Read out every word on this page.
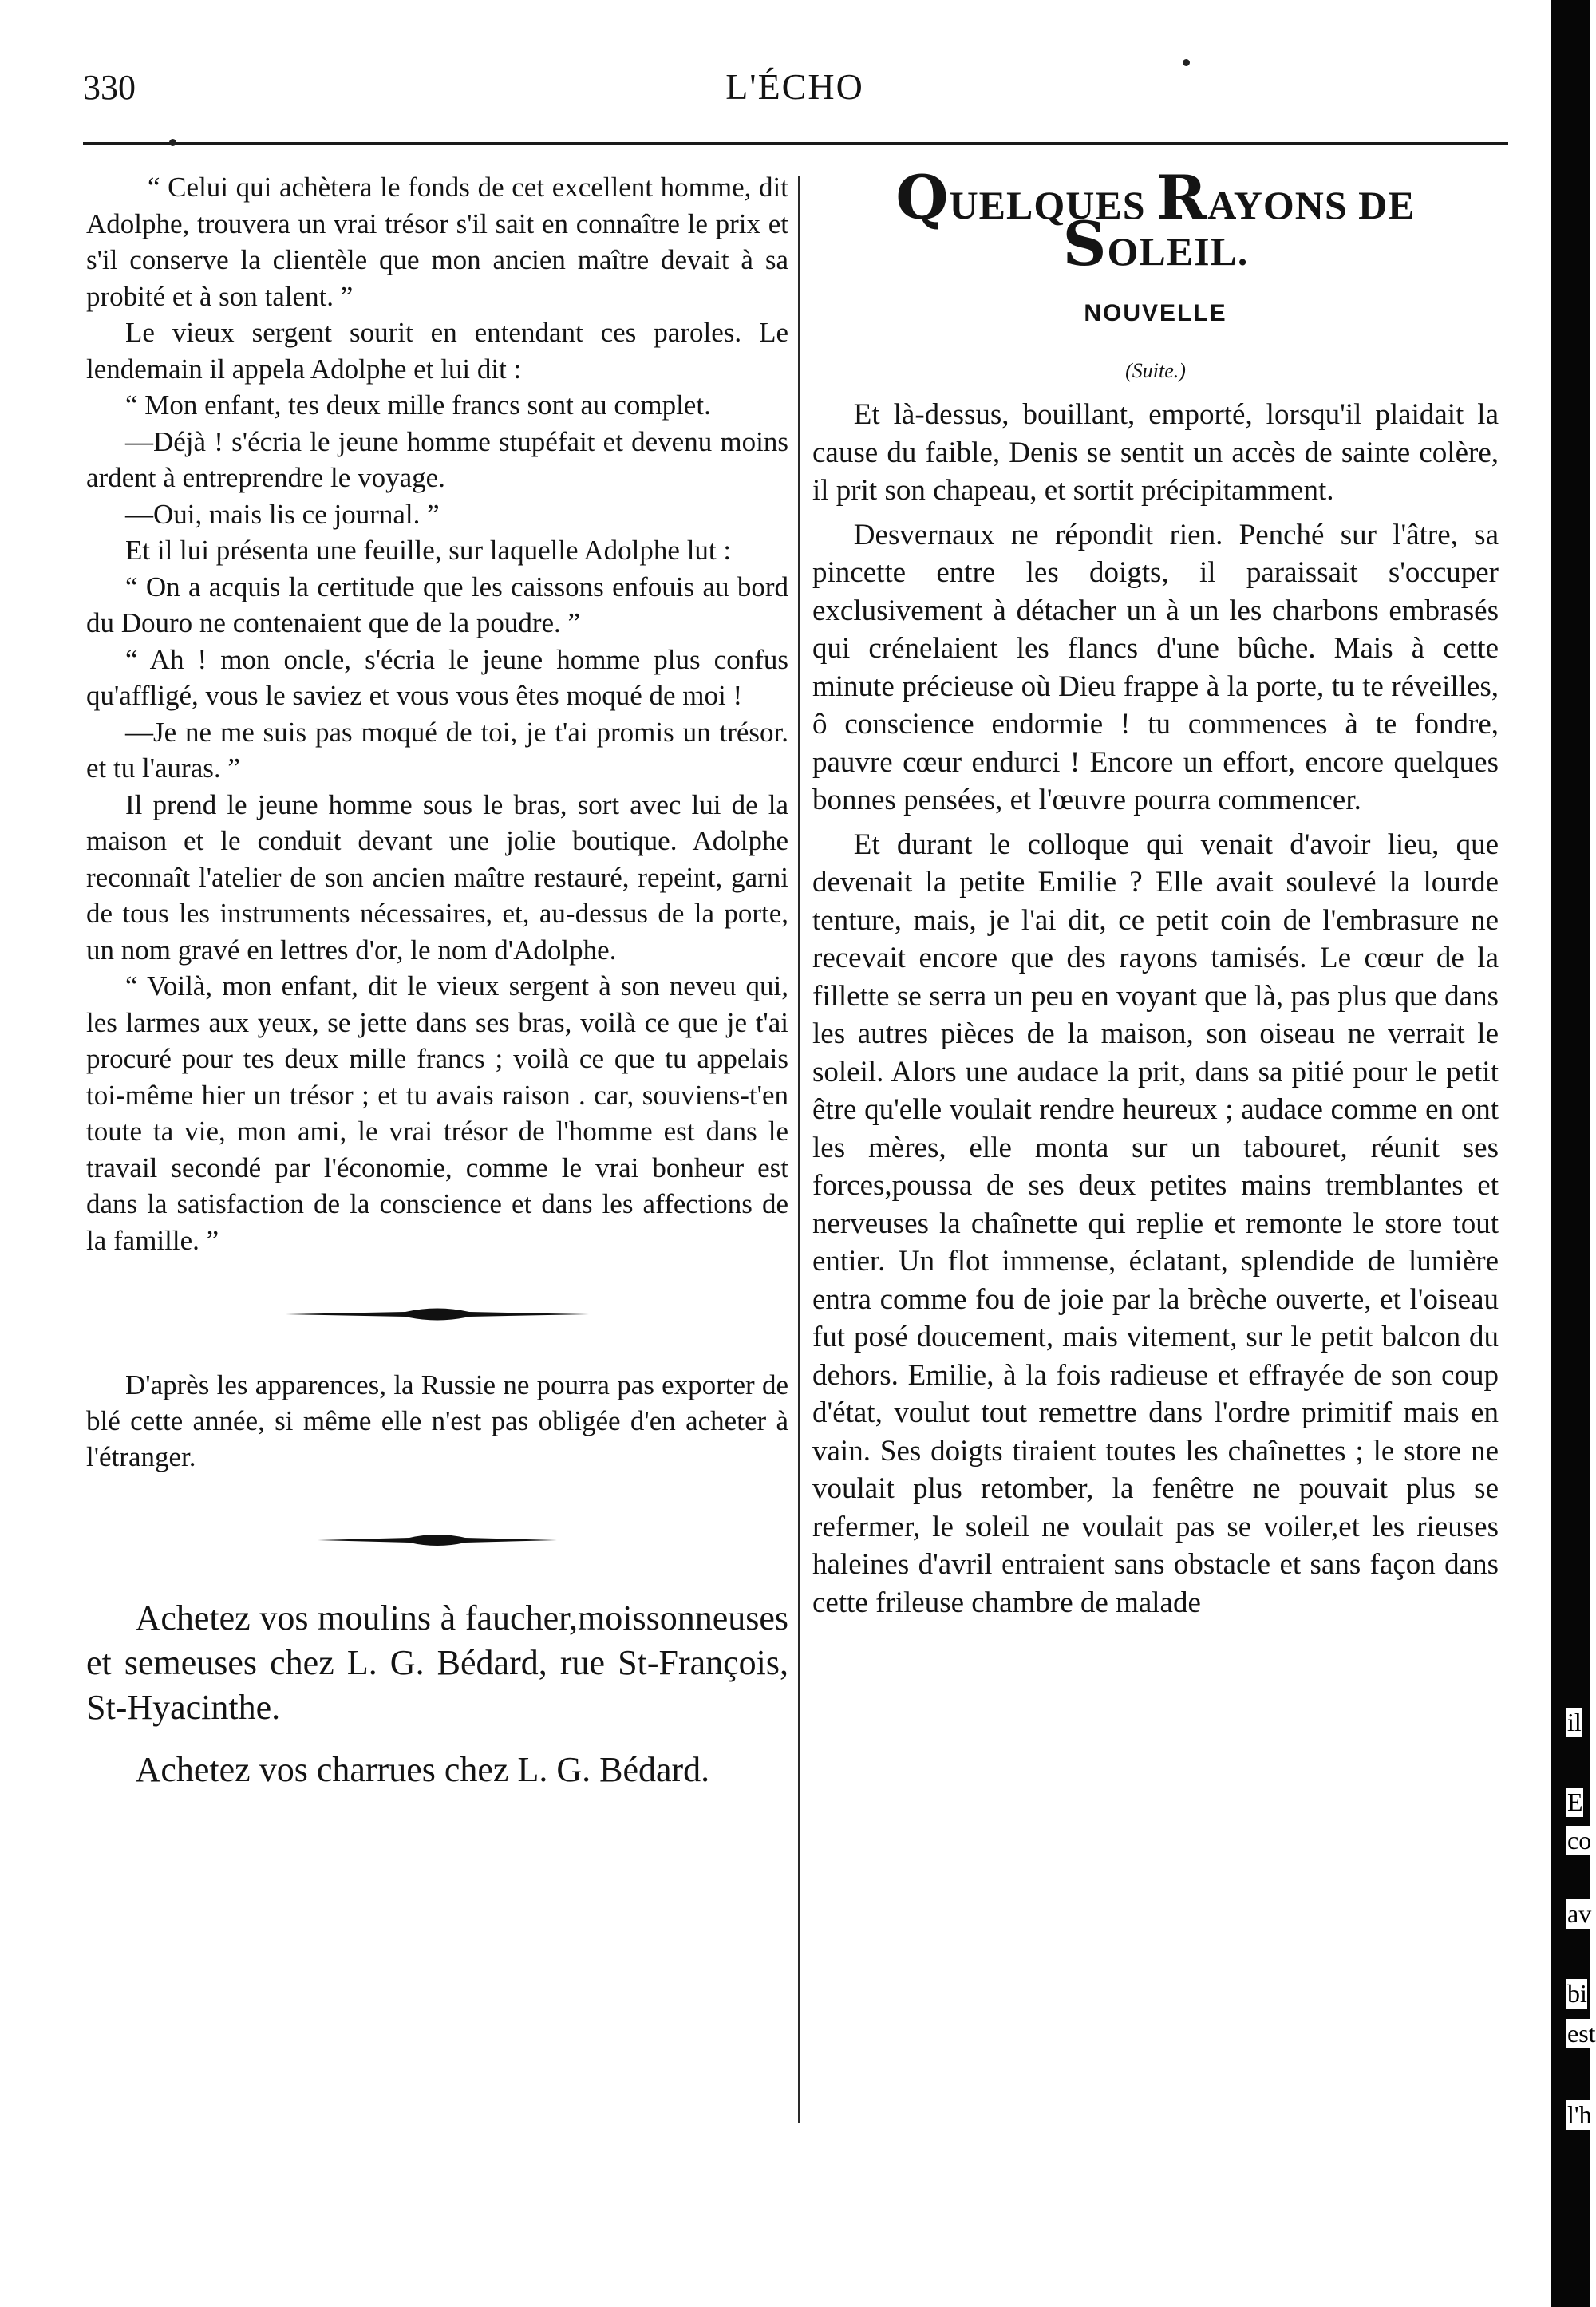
330	L'ÉCHO

“ Celui qui achètera le fonds de cet excellent homme, dit Adolphe, trouvera un vrai trésor s'il sait en connaître le prix et s'il conserve la clientèle que mon ancien maître devait à sa probité et à son talent. ”

Le vieux sergent sourit en entendant ces paroles. Le lendemain il appela Adolphe et lui dit :

“ Mon enfant, tes deux mille francs sont au complet.

—Déjà ! s'écria le jeune homme stupéfait et devenu moins ardent à entreprendre le voyage.

—Oui, mais lis ce journal. ”

Et il lui présenta une feuille, sur laquelle Adolphe lut :

“ On a acquis la certitude que les caissons enfouis au bord du Douro ne contenaient que de la poudre. ”

“ Ah ! mon oncle, s'écria le jeune homme plus confus qu'affligé, vous le saviez et vous vous êtes moqué de moi !

—Je ne me suis pas moqué de toi, je t'ai promis un trésor. et tu l'auras. ”

Il prend le jeune homme sous le bras, sort avec lui de la maison et le conduit devant une jolie boutique. Adolphe reconnaît l'atelier de son ancien maître restauré, repeint, garni de tous les instruments nécessaires, et, au-dessus de la porte, un nom gravé en lettres d'or, le nom d'Adolphe.

“ Voilà, mon enfant, dit le vieux sergent à son neveu qui, les larmes aux yeux, se jette dans ses bras, voilà ce que je t'ai procuré pour tes deux mille francs ; voilà ce que tu appelais toi-même hier un trésor ; et tu avais raison . car, souviens-t'en toute ta vie, mon ami, le vrai trésor de l'homme est dans le travail secondé par l'économie, comme le vrai bonheur est dans la satisfaction de la conscience et dans les affections de la famille. ”

D'après les apparences, la Russie ne pourra pas exporter de blé cette année, si même elle n'est pas obligée d'en acheter à l'étranger.

Achetez vos moulins à faucher,moissonneuses et semeuses chez L. G. Bédard, rue St-François, St-Hyacinthe.

Achetez vos charrues chez L. G. Bédard.

QUELQUES RAYONS DE SOLEIL.
NOUVELLE
(Suite.)

Et là-dessus, bouillant, emporté, lorsqu'il plaidait la cause du faible, Denis se sentit un accès de sainte colère, il prit son chapeau, et sortit précipitamment.

Desvernaux ne répondit rien. Penché sur l'âtre, sa pincette entre les doigts, il paraissait s'occuper exclusivement à détacher un à un les charbons embrasés qui crénelaient les flancs d'une bûche. Mais à cette minute précieuse où Dieu frappe à la porte, tu te réveilles, ô conscience endormie ! tu commences à te fondre, pauvre cœur endurci ! Encore un effort, encore quelques bonnes pensées, et l'œuvre pourra commencer.

Et durant le colloque qui venait d'avoir lieu, que devenait la petite Emilie ? Elle avait soulevé la lourde tenture, mais, je l'ai dit, ce petit coin de l'embrasure ne recevait encore que des rayons tamisés. Le cœur de la fillette se serra un peu en voyant que là, pas plus que dans les autres pièces de la maison, son oiseau ne verrait le soleil. Alors une audace la prit, dans sa pitié pour le petit être qu'elle voulait rendre heureux ; audace comme en ont les mères, elle monta sur un tabouret, réunit ses forces,poussa de ses deux petites mains tremblantes et nerveuses la chaînette qui replie et remonte le store tout entier. Un flot immense, éclatant, splendide de lumière entra comme fou de joie par la brèche ouverte, et l'oiseau fut posé doucement, mais vitement, sur le petit balcon du dehors. Emilie, à la fois radieuse et effrayée de son coup d'état, voulut tout remettre dans l'ordre primitif mais en vain. Ses doigts tiraient toutes les chaînettes ; le store ne voulait plus retomber, la fenêtre ne pouvait plus se refermer, le soleil ne voulait pas se voiler,et les rieuses haleines d'avril entraient sans obstacle et sans façon dans cette frileuse chambre de malade

il
E
co
av
bi
est
l'h
